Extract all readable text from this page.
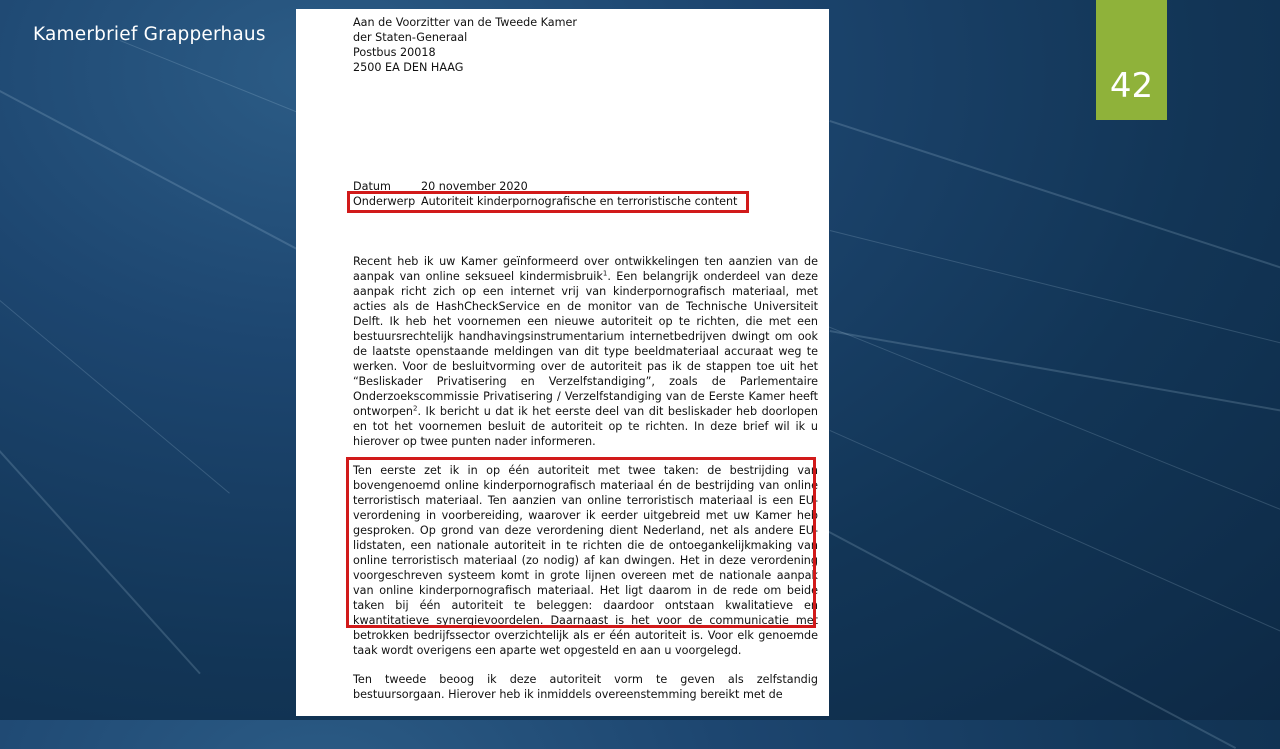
Kamerbrief Grapperhaus
42
Aan de Voorzitter van de Tweede Kamer
der Staten-Generaal
Postbus 20018
2500 EA DEN HAAG
Datum	20 november 2020
Onderwerp Autoriteit kinderpornografische en terroristische content
Recent heb ik uw Kamer geïnformeerd over ontwikkelingen ten aanzien van de aanpak van online seksueel kindermisbruik$^1$. Een belangrijk onderdeel van deze aanpak richt zich op een internet vrij van kinderpornografisch materiaal, met acties als de HashCheckService en de monitor van de Technische Universiteit Delft. Ik heb het voornemen een nieuwe autoriteit op te richten, die met een bestuursrechtelijk handhavingsinstrumentarium internetbedrijven dwingt om ook de laatste openstaande meldingen van dit type beeldmateriaal accuraat weg te werken. Voor de besluitvorming over de autoriteit pas ik de stappen toe uit het “Besliskader Privatisering en Verzelfstandiging”, zoals de Parlementaire Onderzoekscommissie Privatisering / Verzelfstandiging van de Eerste Kamer heeft ontworpen$^2$. Ik bericht u dat ik het eerste deel van dit besliskader heb doorlopen en tot het voornemen besluit de autoriteit op te richten. In deze brief wil ik u hierover op twee punten nader informeren.
Ten eerste zet ik in op één autoriteit met twee taken: de bestrijding van bovengenoemd online kinderpornografisch materiaal én de bestrijding van online terroristisch materiaal. Ten aanzien van online terroristisch materiaal is een EU-verordening in voorbereiding, waarover ik eerder uitgebreid met uw Kamer heb gesproken. Op grond van deze verordening dient Nederland, net als andere EU-lidstaten, een nationale autoriteit in te richten die de ontoegankelijkmaking van online terroristisch materiaal (zo nodig) af kan dwingen. Het in deze verordening voorgeschreven systeem komt in grote lijnen overeen met de nationale aanpak van online kinderpornografisch materiaal. Het ligt daarom in de rede om beide taken bij één autoriteit te beleggen: daardoor ontstaan kwalitatieve en kwantitatieve synergievoordelen. Daarnaast is het voor de communicatie met betrokken bedrijfssector overzichtelijk als er één autoriteit is. Voor elk genoemde taak wordt overigens een aparte wet opgesteld en aan u voorgelegd.
Ten tweede beoog ik deze autoriteit vorm te geven als zelfstandig bestuursorgaan. Hierover heb ik inmiddels overeenstemming bereikt met de
